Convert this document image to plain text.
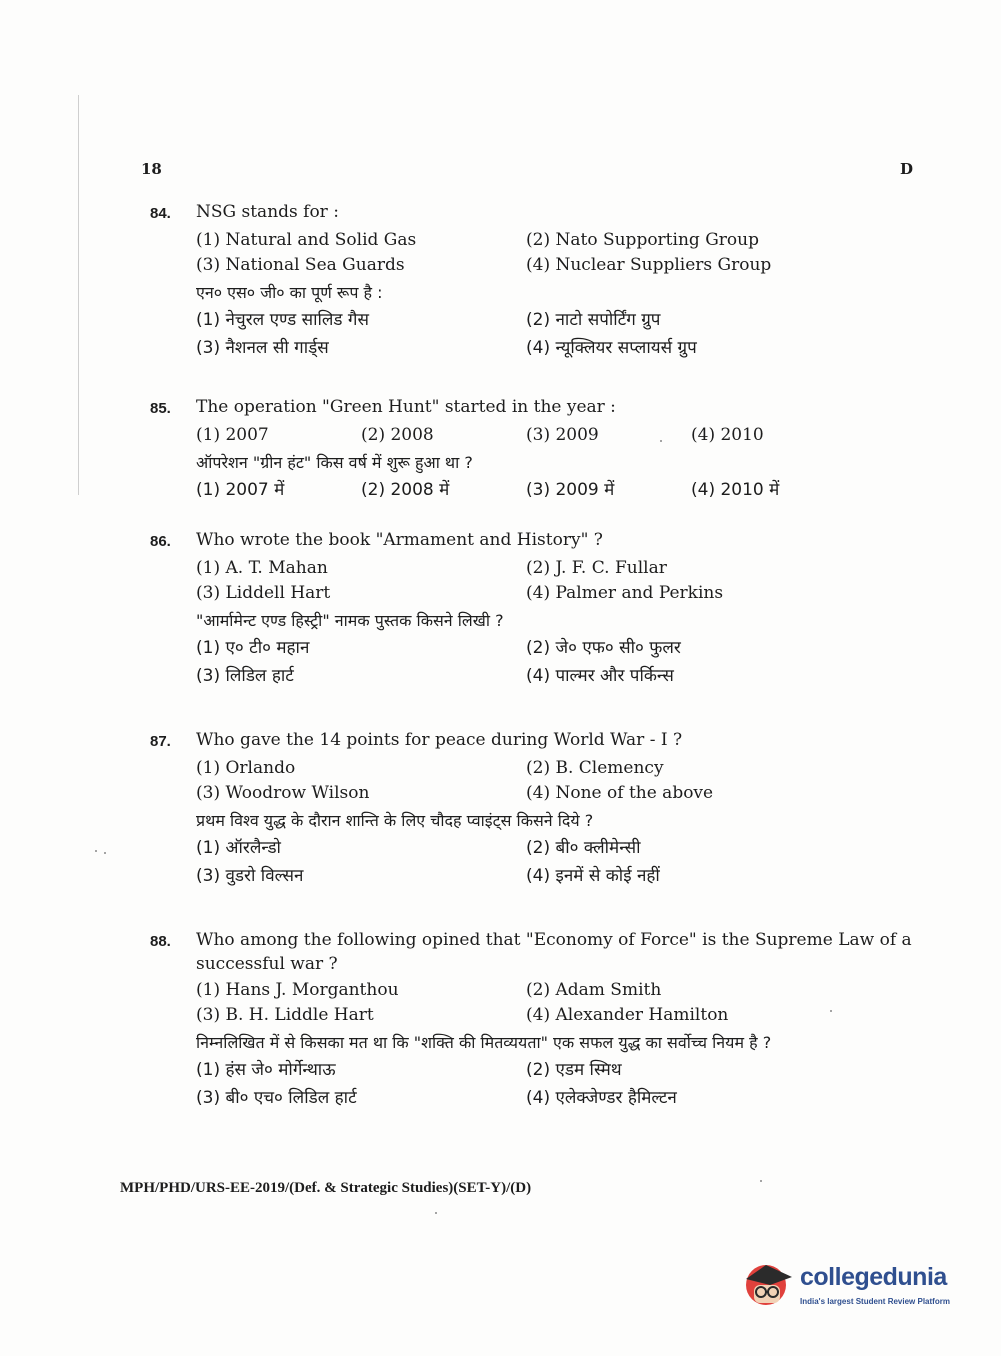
18	D
84.	NSG stands for :
(1) Natural and Solid Gas	(2) Nato Supporting Group
(3) National Sea Guards	(4) Nuclear Suppliers Group
एन० एस० जी० का पूर्ण रूप है :
(1) नेचुरल एण्ड सालिड गैस	(2) नाटो सपोर्टिंग ग्रुप
(3) नैशनल सी गार्ड्स	(4) न्यूक्लियर सप्लायर्स ग्रुप
85.	The operation "Green Hunt" started in the year :
(1) 2007	(2) 2008	(3) 2009	(4) 2010
ऑपरेशन "ग्रीन हंट" किस वर्ष में शुरू हुआ था ?
(1) 2007 में	(2) 2008 में	(3) 2009 में	(4) 2010 में
86.	Who wrote the book "Armament and History" ?
(1) A. T. Mahan	(2) J. F. C. Fullar
(3) Liddell Hart	(4) Palmer and Perkins
"आर्मामेन्ट एण्ड हिस्ट्री" नामक पुस्तक किसने लिखी ?
(1) ए० टी० महान	(2) जे० एफ० सी० फुलर
(3) लिडिल हार्ट	(4) पाल्मर और पर्किन्स
87.	Who gave the 14 points for peace during World War - I ?
(1) Orlando	(2) B. Clemency
(3) Woodrow Wilson	(4) None of the above
प्रथम विश्व युद्ध के दौरान शान्ति के लिए चौदह प्वाइंट्स किसने दिये ?
(1) ऑरलैन्डो	(2) बी० क्लीमेन्सी
(3) वुडरो विल्सन	(4) इनमें से कोई नहीं
88.	Who among the following opined that "Economy of Force" is the Supreme Law of a successful war ?
(1) Hans J. Morganthou	(2) Adam Smith
(3) B. H. Liddle Hart	(4) Alexander Hamilton
निम्नलिखित में से किसका मत था कि "शक्ति की मितव्ययता" एक सफल युद्ध का सर्वोच्च नियम है ?
(1) हंस जे० मोर्गेन्थाऊ	(2) एडम स्मिथ
(3) बी० एच० लिडिल हार्ट	(4) एलेक्जेण्डर हैमिल्टन
MPH/PHD/URS-EE-2019/(Def. & Strategic Studies)(SET-Y)/(D)
collegedunia
India's largest Student Review Platform
